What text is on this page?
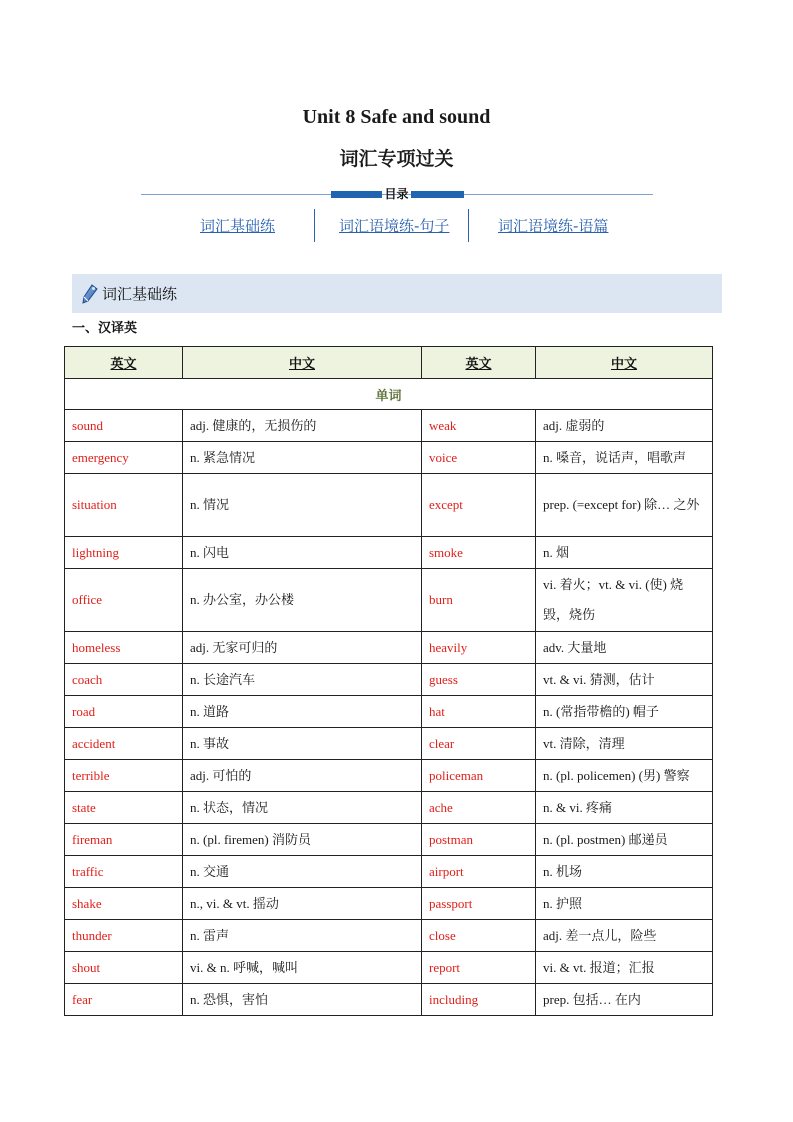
Unit 8 Safe and sound
词汇专项过关
目录
词汇基础练	词汇语境练-句子	词汇语境练-语篇
词汇基础练
一、汉译英
英文	中文	英文	中文
单词			
sound	adj. 健康的，无损伤的	weak	adj. 虚弱的
emergency	n. 紧急情况	voice	n. 嗓音，说话声，唱歌声
situation	n. 情况	except	prep. (=except for) 除… 之外
lightning	n. 闪电	smoke	n. 烟
office	n. 办公室，办公楼	burn	vi. 着火；vt. & vi. (使) 烧毁，烧伤
homeless	adj. 无家可归的	heavily	adv. 大量地
coach	n. 长途汽车	guess	vt. & vi. 猜测，估计
road	n. 道路	hat	n. (常指带檐的) 帽子
accident	n. 事故	clear	vt. 清除，清理
terrible	adj. 可怕的	policeman	n. (pl. policemen) (男) 警察
state	n. 状态，情况	ache	n. & vi. 疼痛
fireman	n. (pl. firemen) 消防员	postman	n. (pl. postmen) 邮递员
traffic	n. 交通	airport	n. 机场
shake	n., vi. & vt. 摇动	passport	n. 护照
thunder	n. 雷声	close	adj. 差一点儿，险些
shout	vi. & n. 呼喊，喊叫	report	vi. & vt. 报道；汇报
fear	n. 恐惧，害怕	including	prep. 包括… 在内
